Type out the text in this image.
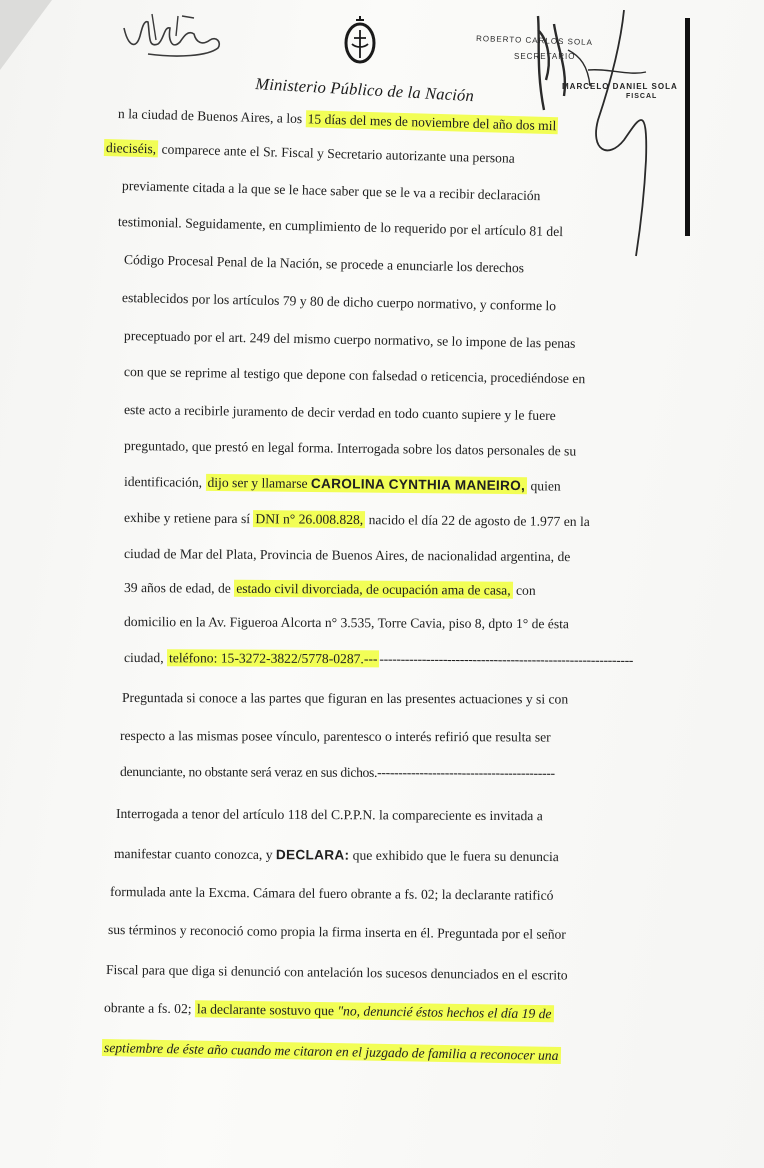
ROBERTO CARLOS SOLA
SECRETARIO
MARCELO DANIEL SOLA
FISCAL
Ministerio Público de la Nación
n la ciudad de Buenos Aires, a los 15 días del mes de noviembre del año dos mil
dieciséis, comparece ante el Sr. Fiscal y Secretario autorizante una persona
previamente citada a la que se le hace saber que se le va a recibir declaración
testimonial. Seguidamente, en cumplimiento de lo requerido por el artículo 81 del
Código Procesal Penal de la Nación, se procede a enunciarle los derechos
establecidos por los artículos 79 y 80 de dicho cuerpo normativo, y conforme lo
preceptuado por el art. 249 del mismo cuerpo normativo, se lo impone de las penas
con que se reprime al testigo que depone con falsedad o reticencia, procediéndose en
este acto a recibirle juramento de decir verdad en todo cuanto supiere y le fuere
preguntado, que prestó en legal forma. Interrogada sobre los datos personales de su
identificación, dijo ser y llamarse CAROLINA CYNTHIA MANEIRO, quien
exhibe y retiene para sí DNI n° 26.008.828, nacido el día 22 de agosto de 1.977 en la
ciudad de Mar del Plata, Provincia de Buenos Aires, de nacionalidad argentina, de
39 años de edad, de estado civil divorciada, de ocupación ama de casa, con
domicilio en la Av. Figueroa Alcorta n° 3.535, Torre Cavia, piso 8, dpto 1° de ésta
ciudad, teléfono: 15-3272-3822/5778-0287.--- ------------------------------------------------------------
Preguntada si conoce a las partes que figuran en las presentes actuaciones y si con
respecto a las mismas posee vínculo, parentesco o interés refirió que resulta ser
denunciante, no obstante será veraz en sus dichos.------------------------------------------
Interrogada a tenor del artículo 118 del C.P.P.N. la compareciente es invitada a
manifestar cuanto conozca, y DECLARA: que exhibido que le fuera su denuncia
formulada ante la Excma. Cámara del fuero obrante a fs. 02; la declarante ratificó
sus términos y reconoció como propia la firma inserta en él. Preguntada por el señor
Fiscal para que diga si denunció con antelación los sucesos denunciados en el escrito
obrante a fs. 02; la declarante sostuvo que "no, denuncié éstos hechos el día 19 de
septiembre de éste año cuando me citaron en el juzgado de familia a reconocer una
